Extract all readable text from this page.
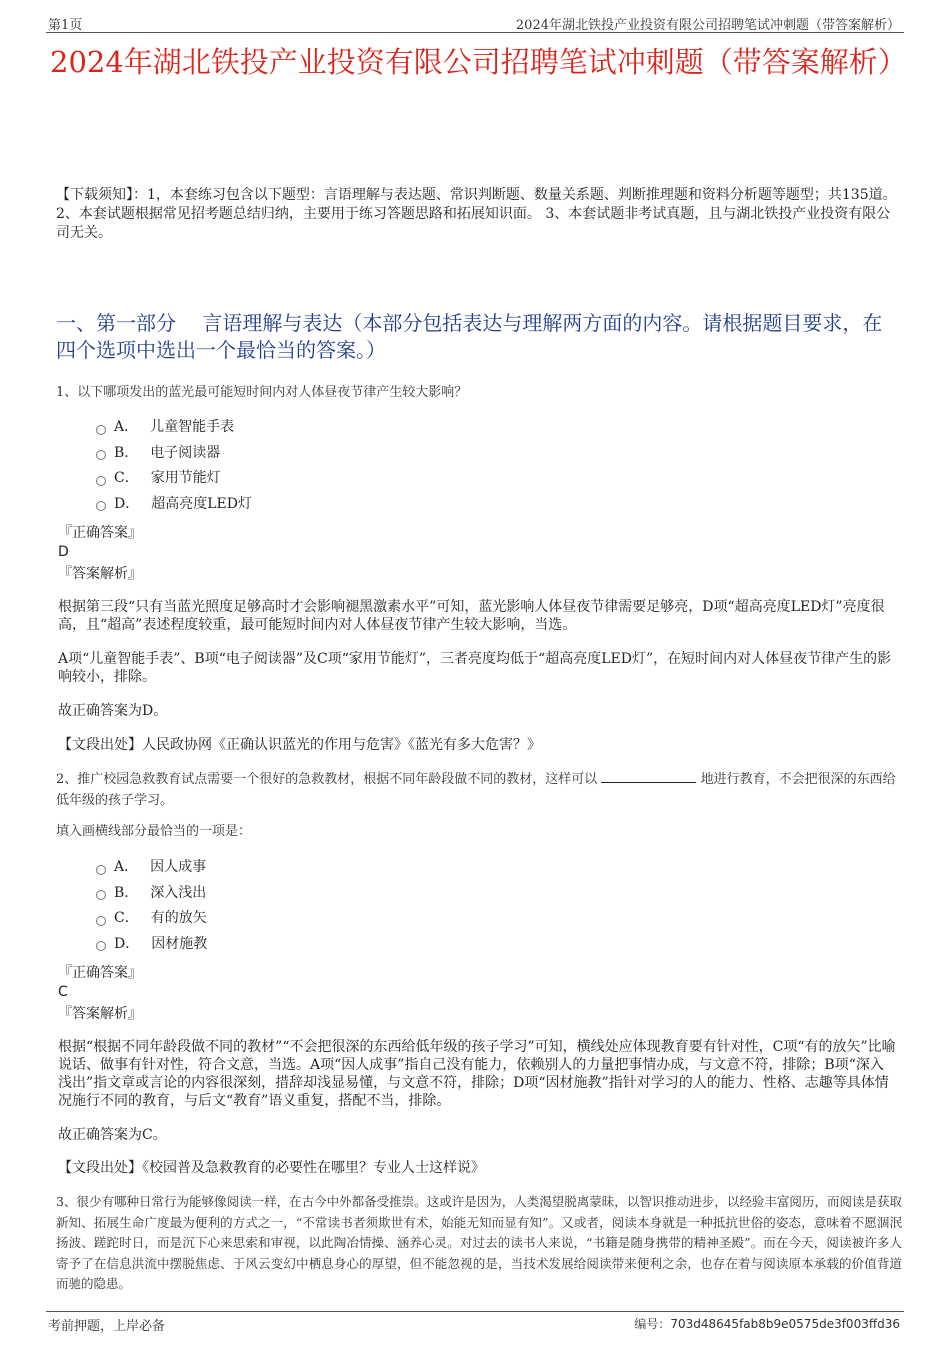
第1页	2024年湖北铁投产业投资有限公司招聘笔试冲刺题（带答案解析）
2024年湖北铁投产业投资有限公司招聘笔试冲刺题（带答案解析）
【下载须知】：1，本套练习包含以下题型：言语理解与表达题、常识判断题、数量关系题、判断推理题和资料分析题等题型；共135道。 2、本套试题根据常见招考题总结归纳，主要用于练习答题思路和拓展知识面。 3、本套试题非考试真题，且与湖北铁投产业投资有限公司无关。
一、第一部分　 言语理解与表达（本部分包括表达与理解两方面的内容。请根据题目要求，在四个选项中选出一个最恰当的答案。）
1、以下哪项发出的蓝光最可能短时间内对人体昼夜节律产生较大影响？
A． 儿童智能手表
B． 电子阅读器
C． 家用节能灯
D． 超高亮度LED灯
『正确答案』
D
『答案解析』
根据第三段“只有当蓝光照度足够高时才会影响褪黑激素水平”可知，蓝光影响人体昼夜节律需要足够亮，D项“超高亮度LED灯”亮度很高，且“超高”表述程度较重，最可能短时间内对人体昼夜节律产生较大影响，当选。
A项“儿童智能手表”、B项“电子阅读器”及C项“家用节能灯”，三者亮度均低于“超高亮度LED灯”，在短时间内对人体昼夜节律产生的影响较小，排除。
故正确答案为D。
【文段出处】人民政协网《正确认识蓝光的作用与危害》《蓝光有多大危害？》
2、推广校园急救教育试点需要一个很好的急救教材，根据不同年龄段做不同的教材，这样可以	地进行教育，不会把很深的东西给低年级的孩子学习。
填入画横线部分最恰当的一项是：
A． 因人成事
B． 深入浅出
C． 有的放矢
D． 因材施教
『正确答案』
C
『答案解析』
根据“根据不同年龄段做不同的教材”“不会把很深的东西给低年级的孩子学习”可知，横线处应体现教育要有针对性，C项“有的放矢”比喻说话、做事有针对性，符合文意，当选。A项“因人成事”指自己没有能力，依赖别人的力量把事情办成，与文意不符，排除；B项“深入浅出”指文章或言论的内容很深刻，措辞却浅显易懂，与文意不符，排除；D项“因材施教”指针对学习的人的能力、性格、志趣等具体情况施行不同的教育，与后文“教育”语义重复，搭配不当，排除。
故正确答案为C。
【文段出处】《校园普及急救教育的必要性在哪里？专业人士这样说》
3、很少有哪种日常行为能够像阅读一样，在古今中外都备受推崇。这或许是因为，人类渴望脱离蒙昧，以智识推动进步，以经验丰富阅历，而阅读是获取新知、拓展生命广度最为便利的方式之一，“不常读书者须欺世有术，始能无知而显有知”。又或者，阅读本身就是一种抵抗世俗的姿态，意味着不愿涸泯扬波、蹉跎时日，而是沉下心来思索和审视，以此陶冶情操、涵养心灵。对过去的读书人来说，“书籍是随身携带的精神圣殿”。而在今天，阅读被许多人寄予了在信息洪流中摆脱焦虑、于风云变幻中栖息身心的厚望，但不能忽视的是，当技术发展给阅读带来便利之余，也存在着与阅读原本承载的价值背道而驰的隐患。
考前押题，上岸必备	编号：703d48645fab8b9e0575de3f003ffd36
